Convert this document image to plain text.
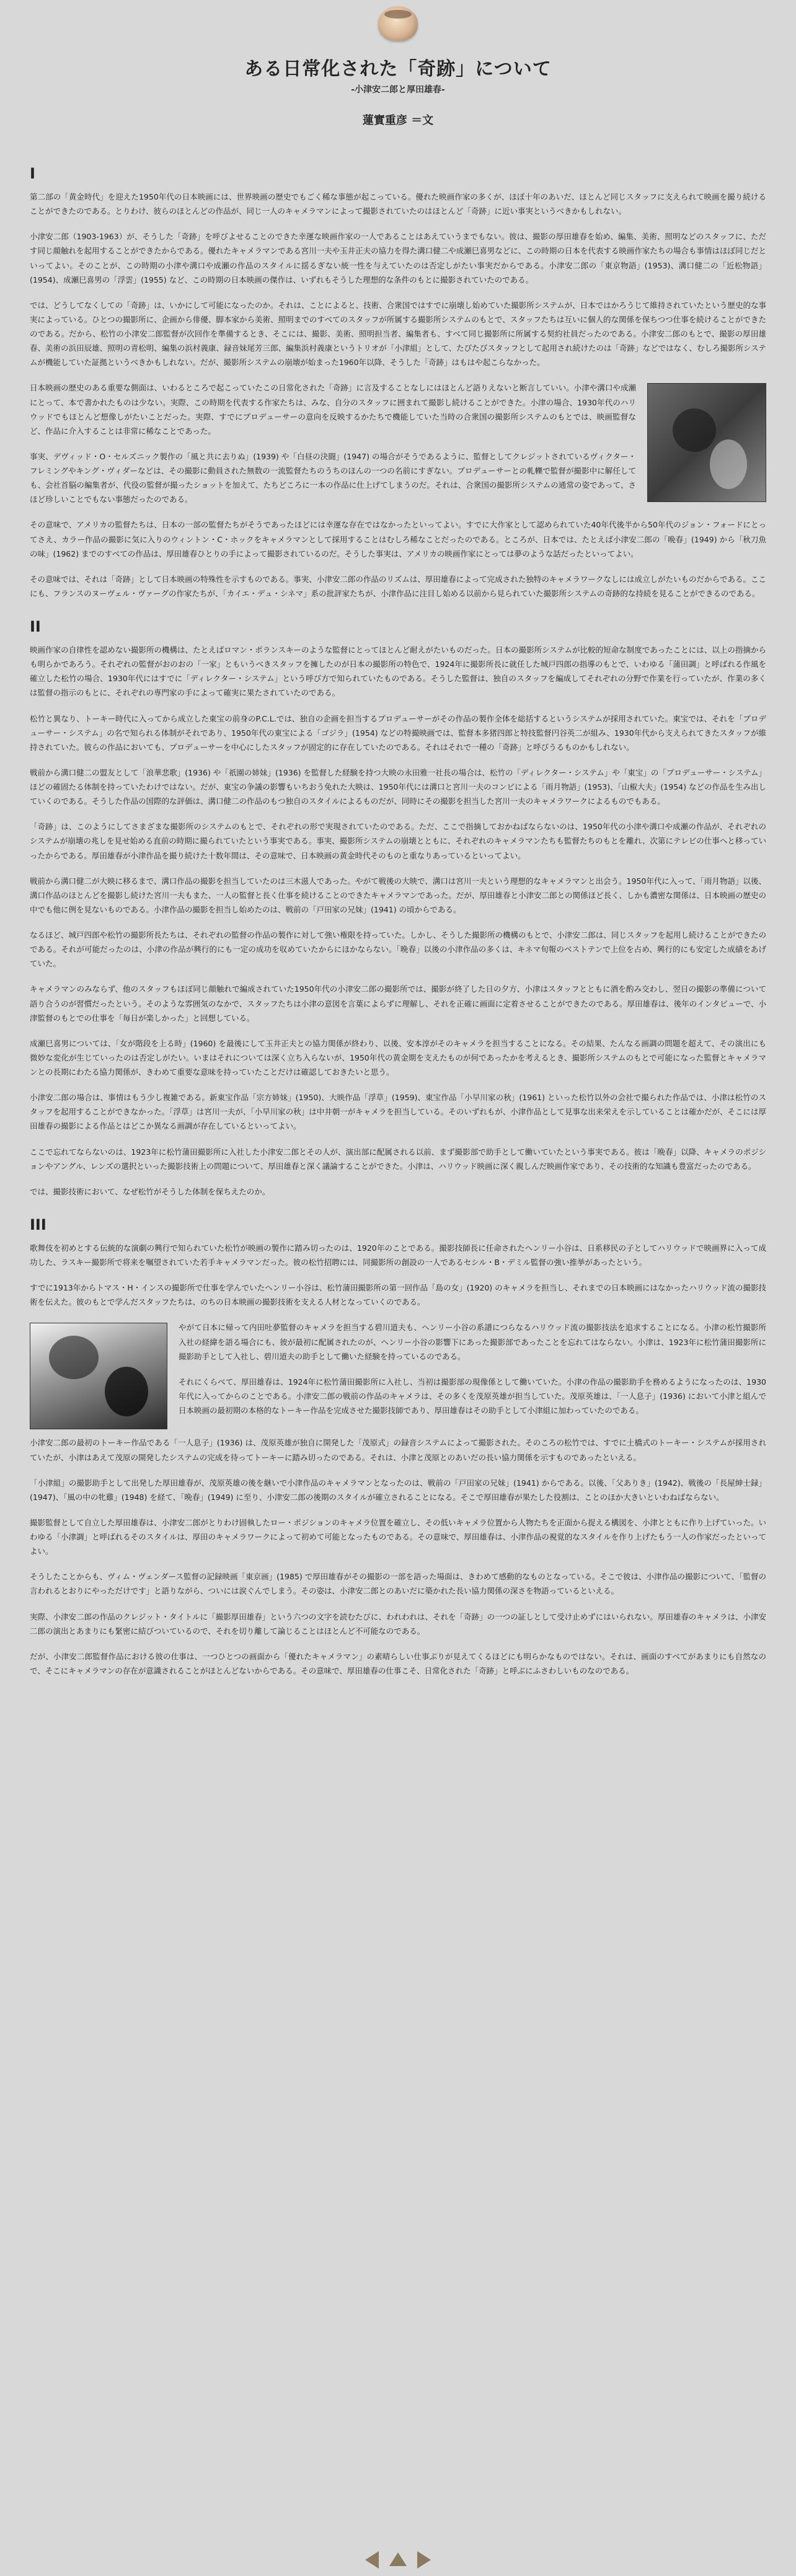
ある日常化された「奇跡」について
-小津安二郎と厚田雄春-
蓮實重彦 ＝文
I

第二部の「黄金時代」を迎えた1950年代の日本映画には、世界映画の歴史でもごく稀な事態が起こっている。優れた映画作家の多くが、ほぼ十年のあいだ、ほとんど同じスタッフに支えられて映画を撮り続けることができたのである。とりわけ、彼らのほとんどの作品が、同じ一人のキャメラマンによって撮影されていたのはほとんど「奇跡」に近い事実というべきかもしれない。

小津安二郎（1903-1963）が、そうした「奇跡」を呼びよせることのできた幸運な映画作家の一人であることはあえていうまでもない。彼は、撮影の厚田雄春を始め、編集、美術、照明などのスタッフに、ただす同じ顔触れを起用することができたからである。優れたキャメラマンである宮川一夫や玉井正夫の協力を得た溝口健二や成瀬巳喜男などに、この時期の日本を代表する映画作家たちの場合も事情はほぼ同じだといってよい。そのことが、この時期の小津や溝口や成瀬の作品のスタイルに揺るぎない統一性を与えていたのは否定しがたい事実だからである。小津安二郎の「東京物語」(1953)、溝口健二の「近松物語」(1954)、成瀬巳喜男の「浮雲」(1955) など、この時期の日本映画の傑作は、いずれもそうした理想的な条件のもとに撮影されていたのである。

では、どうしてなくしての「奇跡」は、いかにして可能になったのか。それは、ことによると、技術、合衆国ではすでに崩壊し始めていた撮影所システムが、日本ではかろうじて維持されていたという歴史的な事実によっている。ひとつの撮影所に、企画から俳優、脚本家から美術、照明までのすべてのスタッフが所属する撮影所システムのもとで、スタッフたちは互いに個人的な関係を保ちつつ仕事を続けることができたのである。だから、松竹の小津安二郎監督が次回作を準備するとき、そこには、撮影、美術、照明担当者、編集者も、すべて同じ撮影所に所属する契約社員だったのである。小津安二郎のもとで、撮影の厚田雄春、美術の浜田辰雄、照明の青松明、編集の浜村義康、録音妹尾芳三郎、編集浜村義康というトリオが「小津組」として、たびたびスタッフとして起用され続けたのは「奇跡」などではなく、むしろ撮影所システムが機能していた証拠というべきかもしれない。だが、撮影所システムの崩壊が始まった1960年以降、そうした「奇跡」はもはや起こらなかった。

日本映画の歴史のある重要な側面は、いわるところで起こっていたこの日常化された「奇跡」に言及することなしにはほとんど語りえないと断言していい。小津や溝口や成瀬にとって、本で書かれたものは少ない。実際、この時期を代表する作家たちは、みな、自分のスタッフに囲まれて撮影し続けることができた。小津の場合、1930年代のハリウッドでもほとんど想像しがたいことだった。実際、すでにプロデューサーの意向を反映するかたちで機能していた当時の合衆国の撮影所システムのもとでは、映画監督など、作品に介入することは非常に稀なことであった。

事実、デヴィッド・O・セルズニック製作の「風と共に去りぬ」(1939) や「白昼の決闘」(1947) の場合がそうであるように、監督としてクレジットされているヴィクター・フレミングやキング・ヴィダーなどは、その撮影に動員された無数の一流監督たちのうちのほんの一つの名前にすぎない。プロデューサーとの軋轢で監督が撮影中に解任しても、会社首脳の編集者が、代役の監督が撮ったショットを加えて、たちどころに一本の作品に仕上げてしまうのだ。それは、合衆国の撮影所システムの通常の姿であって、さほど珍しいことでもない事態だったのである。

その意味で、アメリカの監督たちは、日本の一部の監督たちがそうであったほどには幸運な存在ではなかったといってよい。すでに大作家として認められていた40年代後半から50年代のジョン・フォードにとってさえ、カラー作品の撮影に気に入りのウィントン・C・ホックをキャメラマンとして採用することはむしろ稀なことだったのである。ところが、日本では、たとえば小津安二郎の「晩春」(1949) から「秋刀魚の味」(1962) までのすべての作品は、厚田雄春ひとりの手によって撮影されているのだ。そうした事実は、アメリカの映画作家にとっては夢のような話だったといってよい。

その意味では、それは「奇跡」として日本映画の特殊性を示すものである。事実、小津安二郎の作品のリズムは、厚田雄春によって完成された独特のキャメラワークなしには成立しがたいものだからである。ここにも、フランスのヌーヴェル・ヴァーグの作家たちが、「カイエ・デュ・シネマ」系の批評家たちが、小津作品に注目し始める以前から見られていた撮影所システムの奇跡的な持続を見ることができるのである。

II

映画作家の自律性を認めない撮影所の機構は、たとえばロマン・ポランスキーのような監督にとってほとんど耐えがたいものだった。日本の撮影所システムが比較的短命な制度であったことには、以上の指摘からも明らかであろう。それぞれの監督がおのおの「一家」ともいうべきスタッフを擁したのが日本の撮影所の特色で、1924年に撮影所長に就任した城戸四郎の指導のもとで、いわゆる「蒲田調」と呼ばれる作風を確立した松竹の場合、1930年代にはすでに「ディレクター・システム」という呼び方で知られていたものである。そうした監督は、独自のスタッフを編成してそれぞれの分野で作業を行っていたが、作業の多くは監督の指示のもとに、それぞれの専門家の手によって確実に果たされていたのである。

松竹と異なり、トーキー時代に入ってから成立した東宝の前身のP.C.L.では、独自の企画を担当するプロデューサーがその作品の製作全体を総括するというシステムが採用されていた。東宝では、それを「プロデューサー・システム」の名で知られる体制がそれであり、1950年代の東宝による「ゴジラ」(1954) などの特撮映画では、監督本多猪四郎と特技監督円谷英二が組み、1930年代から支えられてきたスタッフが維持されていた。彼らの作品においても、プロデューサーを中心にしたスタッフが固定的に存在していたのである。それはそれで一種の「奇跡」と呼びうるものかもしれない。

戦前から溝口健二の盟友として「浪華悲歌」(1936) や「祇園の姉妹」(1936) を監督した経験を持つ大映の永田雅一社長の場合は、松竹の「ディレクター・システム」や「東宝」の「プロデューサー・システム」ほどの確固たる体制を持っていたわけではない。だが、東宝の争議の影響もいちおう免れた大映は、1950年代には溝口と宮川一夫のコンビによる「雨月物語」(1953)、「山椒大夫」(1954) などの作品を生み出していくのである。そうした作品の国際的な評価は、溝口健二の作品のもつ独自のスタイルによるものだが、同時にその撮影を担当した宮川一夫のキャメラワークによるものでもある。

「奇跡」は、このようにしてさまざまな撮影所のシステムのもとで、それぞれの形で実現されていたのである。ただ、ここで指摘しておかねばならないのは、1950年代の小津や溝口や成瀬の作品が、それぞれのシステムが崩壊の兆しを見せ始める直前の時期に撮られていたという事実である。事実、撮影所システムの崩壊とともに、それぞれのキャメラマンたちも監督たちのもとを離れ、次第にテレビの仕事へと移っていったからである。厚田雄春が小津作品を撮り続けた十数年間は、その意味で、日本映画の黄金時代そのものと重なりあっているといってよい。

戦前から溝口健二が大映に移るまで、溝口作品の撮影を担当していたのは三木滋人であった。やがて戦後の大映で、溝口は宮川一夫という理想的なキャメラマンと出会う。1950年代に入って、「雨月物語」以後、溝口作品のほとんどを撮影し続けた宮川一夫もまた、一人の監督と長く仕事を続けることのできたキャメラマンであった。だが、厚田雄春と小津安二郎との関係ほど長く、しかも濃密な関係は、日本映画の歴史の中でも他に例を見ないものである。小津作品の撮影を担当し始めたのは、戦前の「戸田家の兄妹」(1941) の頃からである。

なるほど、城戸四郎や松竹の撮影所長たちは、それぞれの監督の作品の製作に対して強い権限を持っていた。しかし、そうした撮影所の機構のもとで、小津安二郎は、同じスタッフを起用し続けることができたのである。それが可能だったのは、小津の作品が興行的にも一定の成功を収めていたからにほかならない。「晩春」以後の小津作品の多くは、キネマ旬報のベストテンで上位を占め、興行的にも安定した成績をあげていた。

キャメラマンのみならず、他のスタッフもほぼ同じ顔触れで編成されていた1950年代の小津安二郎の撮影所では、撮影が終了した日の夕方、小津はスタッフとともに酒を酌み交わし、翌日の撮影の準備について語り合うのが習慣だったという。そのような雰囲気のなかで、スタッフたちは小津の意図を言葉によらずに理解し、それを正確に画面に定着させることができたのである。厚田雄春は、後年のインタビューで、小津監督のもとでの仕事を「毎日が楽しかった」と回想している。

成瀬巳喜男については、「女が階段を上る時」(1960) を最後にして玉井正夫との協力関係が終わり、以後、安本淳がそのキャメラを担当することになる。その結果、たんなる画調の問題を超えて、その演出にも微妙な変化が生じていったのは否定しがたい。いまはそれについては深く立ち入らないが、1950年代の黄金期を支えたものが何であったかを考えるとき、撮影所システムのもとで可能になった監督とキャメラマンとの長期にわたる協力関係が、きわめて重要な意味を持っていたことだけは確認しておきたいと思う。

小津安二郎の場合は、事情はもう少し複雑である。新東宝作品「宗方姉妹」(1950)、大映作品「浮草」(1959)、東宝作品「小早川家の秋」(1961) といった松竹以外の会社で撮られた作品では、小津は松竹のスタッフを起用することができなかった。「浮草」は宮川一夫が、「小早川家の秋」は中井朝一がキャメラを担当している。そのいずれもが、小津作品として見事な出来栄えを示していることは確かだが、そこには厚田雄春の撮影による作品とはどこか異なる画調が存在しているといってよい。

ここで忘れてならないのは、1923年に松竹蒲田撮影所に入社した小津安二郎とその人が、演出部に配属される以前、まず撮影部で助手として働いていたという事実である。彼は「晩春」以降、キャメラのポジションやアングル、レンズの選択といった撮影技術上の問題について、厚田雄春と深く議論することができた。小津は、ハリウッド映画に深く親しんだ映画作家であり、その技術的な知識も豊富だったのである。

では、撮影技術において、なぜ松竹がそうした体制を保ちえたのか。

III

歌舞伎を初めとする伝統的な演劇の興行で知られていた松竹が映画の製作に踏み切ったのは、1920年のことである。撮影技師長に任命されたヘンリー小谷は、日系移民の子としてハリウッドで映画界に入って成功した、ラスキー撮影所で将来を嘱望されていた若手キャメラマンだった。彼の松竹招聘には、同撮影所の創設の一人であるセシル・B・デミル監督の強い推挙があったという。

すでに1913年からトマス・H・インスの撮影所で仕事を学んでいたヘンリー小谷は、松竹蒲田撮影所の第一回作品「島の女」(1920) のキャメラを担当し、それまでの日本映画にはなかったハリウッド流の撮影技術を伝えた。彼のもとで学んだスタッフたちは、のちの日本映画の撮影技術を支える人材となっていくのである。

やがて日本に帰って内田吐夢監督のキャメラを担当する碧川道夫も、ヘンリー小谷の系譜につらなるハリウッド流の撮影技法を追求することになる。小津の松竹撮影所入社の経緯を語る場合にも、彼が最初に配属されたのが、ヘンリー小谷の影響下にあった撮影部であったことを忘れてはならない。小津は、1923年に松竹蒲田撮影所に撮影助手として入社し、碧川道夫の助手として働いた経験を持っているのである。

それにくらべて、厚田雄春は、1924年に松竹蒲田撮影所に入社し、当初は撮影部の現像係として働いていた。小津の作品の撮影助手を務めるようになったのは、1930年代に入ってからのことである。小津安二郎の戦前の作品のキャメラは、その多くを茂原英雄が担当していた。茂原英雄は、「一人息子」(1936) において小津と組んで日本映画の最初期の本格的なトーキー作品を完成させた撮影技師であり、厚田雄春はその助手として小津組に加わっていたのである。

小津安二郎の最初のトーキー作品である「一人息子」(1936) は、茂原英雄が独自に開発した「茂原式」の録音システムによって撮影された。そのころの松竹では、すでに土橋式のトーキー・システムが採用されていたが、小津はあえて茂原の開発したシステムの完成を待ってトーキーに踏み切ったのである。それは、小津と茂原とのあいだの長い協力関係を示すものであったといえる。

「小津組」の撮影助手として出発した厚田雄春が、茂原英雄の後を継いで小津作品のキャメラマンとなったのは、戦前の「戸田家の兄妹」(1941) からである。以後、「父ありき」(1942)、戦後の「長屋紳士録」(1947)、「風の中の牝雞」(1948) を経て、「晩春」(1949) に至り、小津安二郎の後期のスタイルが確立されることになる。そこで厚田雄春が果たした役割は、ことのほか大きいといわねばならない。

撮影監督として自立した厚田雄春は、小津安二郎がとりわけ固執したロー・ポジションのキャメラ位置を確立し、その低いキャメラ位置から人物たちを正面から捉える構図を、小津とともに作り上げていった。いわゆる「小津調」と呼ばれるそのスタイルは、厚田のキャメラワークによって初めて可能となったものである。その意味で、厚田雄春は、小津作品の視覚的なスタイルを作り上げたもう一人の作家だったといってよい。

そうしたことからも、ヴィム・ヴェンダース監督の記録映画「東京画」(1985) で厚田雄春がその撮影の一部を語った場面は、きわめて感動的なものとなっている。そこで彼は、小津作品の撮影について、「監督の言われるとおりにやっただけです」と語りながら、ついには涙ぐんでしまう。その姿は、小津安二郎とのあいだに築かれた長い協力関係の深さを物語っているといえる。

実際、小津安二郎の作品のクレジット・タイトルに「撮影厚田雄春」という六つの文字を読むたびに、われわれは、それを「奇跡」の一つの証しとして受け止めずにはいられない。厚田雄春のキャメラは、小津安二郎の演出とあまりにも緊密に結びついているので、それを切り離して論じることはほとんど不可能なのである。

だが、小津安二郎監督作品における彼の仕事は、一つひとつの画面から「優れたキャメラマン」の素晴らしい仕事ぶりが見えてくるほどにも明らかなものではない。それは、画面のすべてがあまりにも自然なので、そこにキャメラマンの存在が意識されることがほとんどないからである。その意味で、厚田雄春の仕事こそ、日常化された「奇跡」と呼ぶにふさわしいものなのである。
